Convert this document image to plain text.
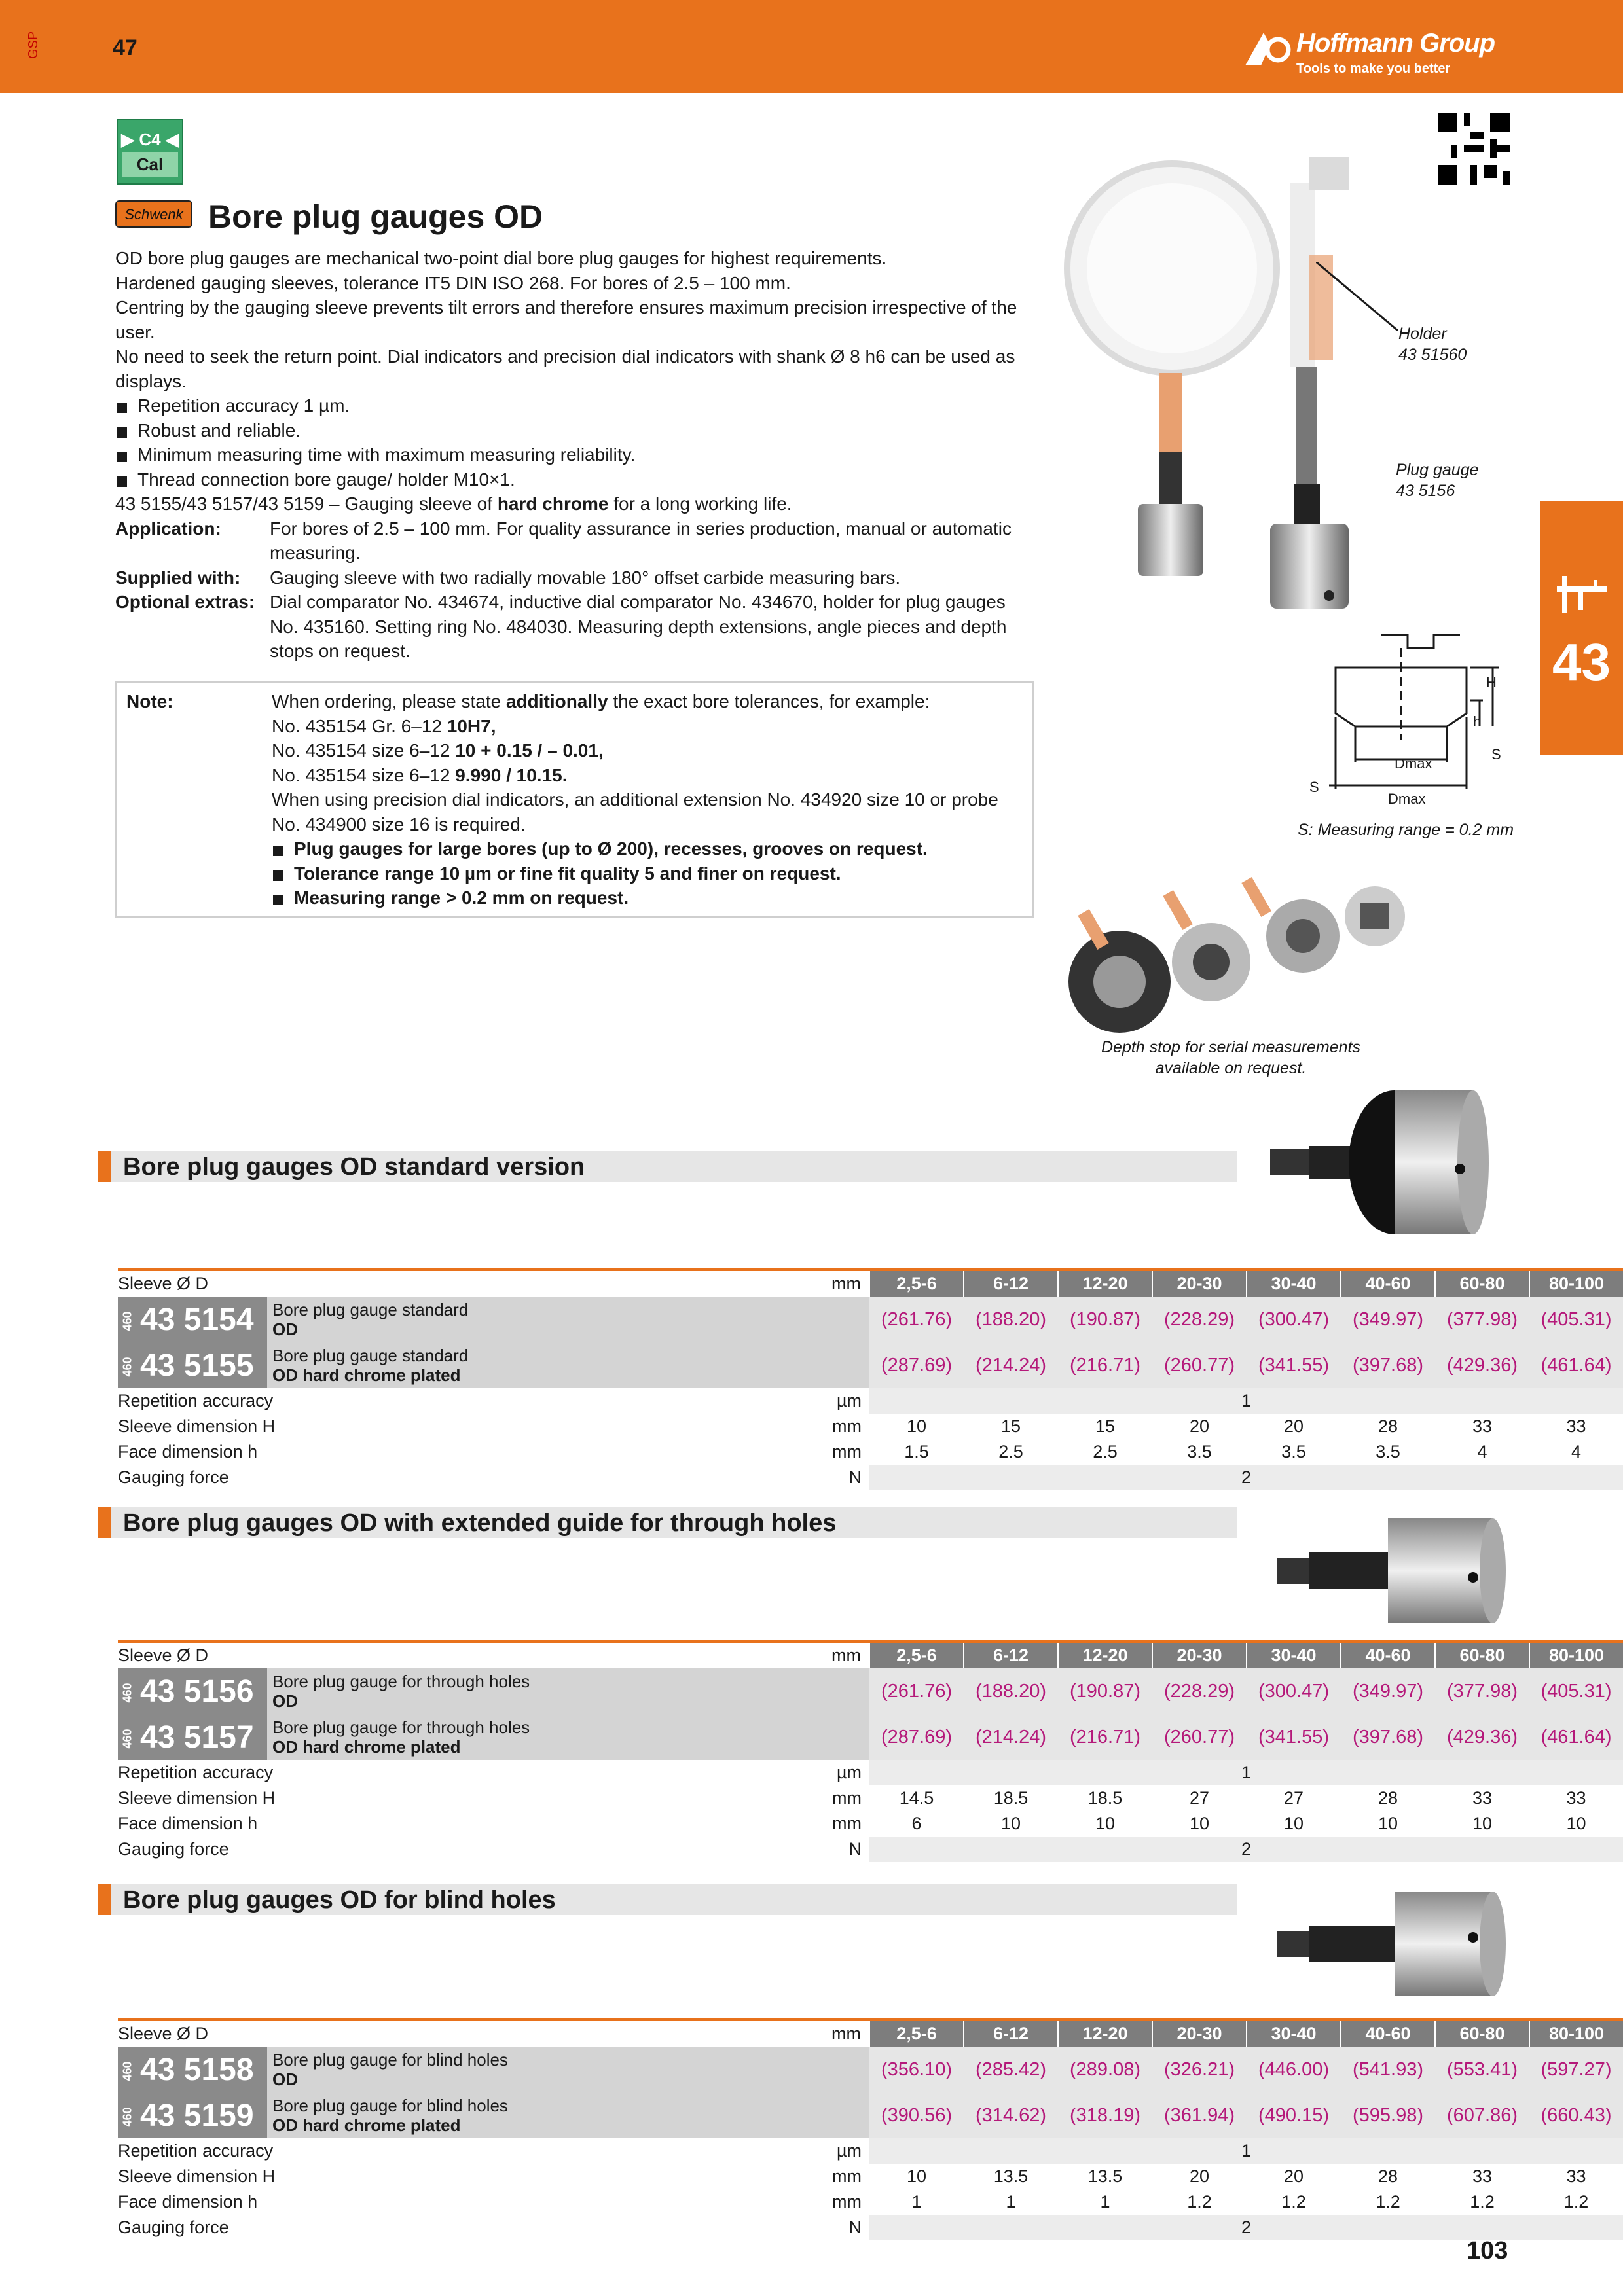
GSP	47	Hoffmann Group
Tools to make you better
▶ C4 ◀
Cal
Schwenk Bore plug gauges OD
OD bore plug gauges are mechanical two-point dial bore plug gauges for highest requirements.
Hardened gauging sleeves, tolerance IT5 DIN ISO 268. For bores of 2.5 – 100 mm.
Centring by the gauging sleeve prevents tilt errors and therefore ensures maximum precision irrespective of the user.
No need to seek the return point. Dial indicators and precision dial indicators with shank Ø 8 h6 can be used as displays.
Repetition accuracy 1 µm.
Robust and reliable.
Minimum measuring time with maximum measuring reliability.
Thread connection bore gauge/ holder M10×1.
43 5155/43 5157/43 5159 – Gauging sleeve of hard chrome for a long working life.
Application:	For bores of 2.5 – 100 mm. For quality assurance in series production, manual or automatic measuring.
Supplied with:	Gauging sleeve with two radially movable 180° offset carbide measuring bars.
Optional extras: Dial comparator No. 434674, inductive dial comparator No. 434670, holder for plug gauges No. 435160. Setting ring No. 484030. Measuring depth extensions, angle pieces and depth stops on request.
Note:	When ordering, please state additionally the exact bore tolerances, for example:
No. 435154 Gr. 6–12 10H7,
No. 435154 size 6–12 10 + 0.15 / – 0.01,
No. 435154 size 6–12 9.990 / 10.15.
When using precision dial indicators, an additional extension No. 434920 size 10 or probe No. 434900 size 16 is required.
Plug gauges for large bores (up to Ø 200), recesses, grooves on request.
Tolerance range 10 µm or fine fit quality 5 and finer on request.
Measuring range > 0.2 mm on request.
Holder
43 51560
Plug gauge
43 5156
H
h
S
S
Dmax
Dmax
S: Measuring range = 0.2 mm
43
Depth stop for serial measurements available on request.
Bore plug gauges OD standard version
Sleeve Ø D		mm	2,5-6	6-12	12-20	20-30	30-40	40-60	60-80	80-100
460 43 5154	Bore plug gauge standard
OD		(261.76)	(188.20)	(190.87)	(228.29)	(300.47)	(349.97)	(377.98)	(405.31)
460 43 5155	Bore plug gauge standard
OD hard chrome plated		(287.69)	(214.24)	(216.71)	(260.77)	(341.55)	(397.68)	(429.36)	(461.64)
Repetition accuracy		µm	1							
Sleeve dimension H		mm	10	15	15	20	20	28	33	33
Face dimension h		mm	1.5	2.5	2.5	3.5	3.5	3.5	4	4
Gauging force		N	2							
Bore plug gauges OD with extended guide for through holes
Sleeve Ø D		mm	2,5-6	6-12	12-20	20-30	30-40	40-60	60-80	80-100
460 43 5156	Bore plug gauge for through holes
OD		(261.76)	(188.20)	(190.87)	(228.29)	(300.47)	(349.97)	(377.98)	(405.31)
460 43 5157	Bore plug gauge for through holes
OD hard chrome plated		(287.69)	(214.24)	(216.71)	(260.77)	(341.55)	(397.68)	(429.36)	(461.64)
Repetition accuracy		µm	1							
Sleeve dimension H		mm	14.5	18.5	18.5	27	27	28	33	33
Face dimension h		mm	6	10	10	10	10	10	10	10
Gauging force		N	2							
Bore plug gauges OD for blind holes
Sleeve Ø D		mm	2,5-6	6-12	12-20	20-30	30-40	40-60	60-80	80-100
460 43 5158	Bore plug gauge for blind holes
OD		(356.10)	(285.42)	(289.08)	(326.21)	(446.00)	(541.93)	(553.41)	(597.27)
460 43 5159	Bore plug gauge for blind holes
OD hard chrome plated		(390.56)	(314.62)	(318.19)	(361.94)	(490.15)	(595.98)	(607.86)	(660.43)
Repetition accuracy		µm	1							
Sleeve dimension H		mm	10	13.5	13.5	20	20	28	33	33
Face dimension h		mm	1	1	1	1.2	1.2	1.2	1.2	1.2
Gauging force		N	2							
103
